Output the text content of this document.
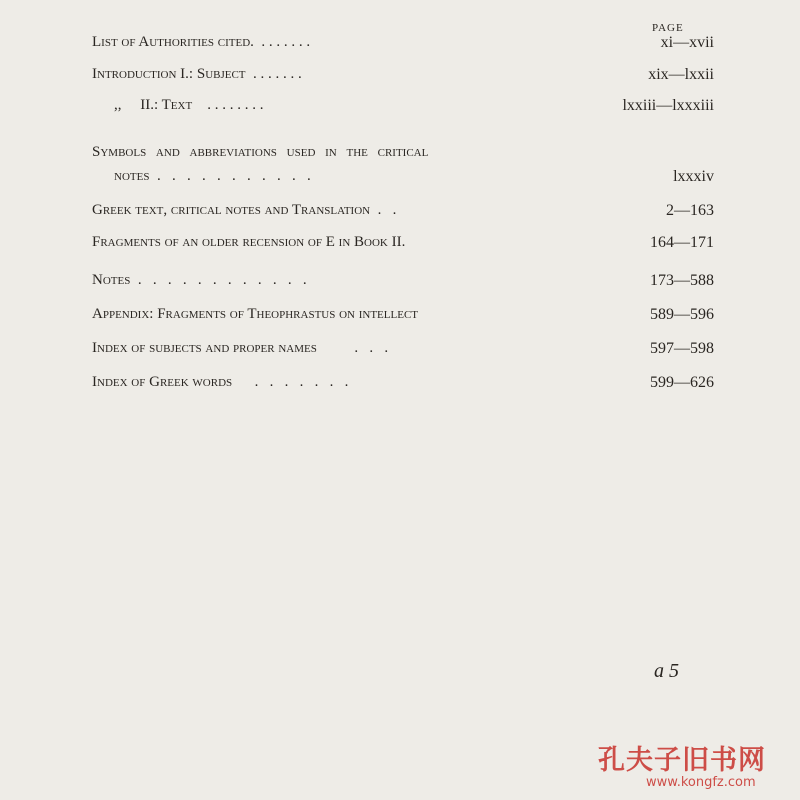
PAGE
List of Authorities cited.  . . . . . . .	xi—xvii
Introduction I.: Subject . . . . . . .	xix—lxxii
,,     II.: Text . . . . . . . .	lxxiii—lxxxiii
Symbols and abbreviations used in the critical
notes .   .   .   .   .   .   .   .   .   .   .	lxxxiv
Greek text, critical notes and Translation .   .	2—163
Fragments of an older recension of E in Book II.	164—171
Notes .   .   .   .   .   .   .   .   .   .   .   .	173—588
Appendix: Fragments of Theophrastus on intellect	589—596
Index of subjects and proper names	.   .   .	597—598
Index of Greek words .   .   .   .   .   .   .	599—626
a 5
孔夫子旧书网
www.kongfz.com
